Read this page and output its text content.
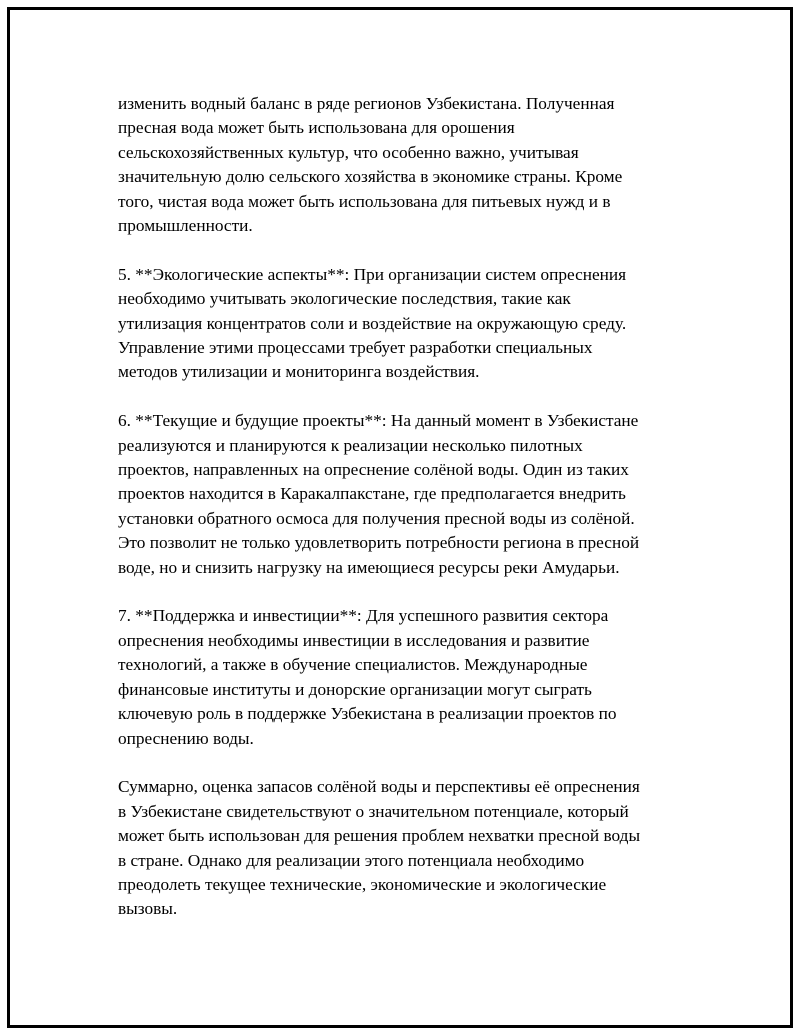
изменить водный баланс в ряде регионов Узбекистана. Полученная
пресная вода может быть использована для орошения
сельскохозяйственных культур, что особенно важно, учитывая
значительную долю сельского хозяйства в экономике страны. Кроме
того, чистая вода может быть использована для питьевых нужд и в
промышленности.

5. **Экологические аспекты**: При организации систем опреснения
необходимо учитывать экологические последствия, такие как
утилизация концентратов соли и воздействие на окружающую среду.
Управление этими процессами требует разработки специальных
методов утилизации и мониторинга воздействия.

6. **Текущие и будущие проекты**: На данный момент в Узбекистане
реализуются и планируются к реализации несколько пилотных
проектов, направленных на опреснение солёной воды. Один из таких
проектов находится в Каракалпакстане, где предполагается внедрить
установки обратного осмоса для получения пресной воды из солёной.
Это позволит не только удовлетворить потребности региона в пресной
воде, но и снизить нагрузку на имеющиеся ресурсы реки Амударьи.

7. **Поддержка и инвестиции**: Для успешного развития сектора
опреснения необходимы инвестиции в исследования и развитие
технологий, а также в обучение специалистов. Международные
финансовые институты и донорские организации могут сыграть
ключевую роль в поддержке Узбекистана в реализации проектов по
опреснению воды.

Суммарно, оценка запасов солёной воды и перспективы её опреснения
в Узбекистане свидетельствуют о значительном потенциале, который
может быть использован для решения проблем нехватки пресной воды
в стране. Однако для реализации этого потенциала необходимо
преодолеть текущее технические, экономические и экологические
вызовы.
